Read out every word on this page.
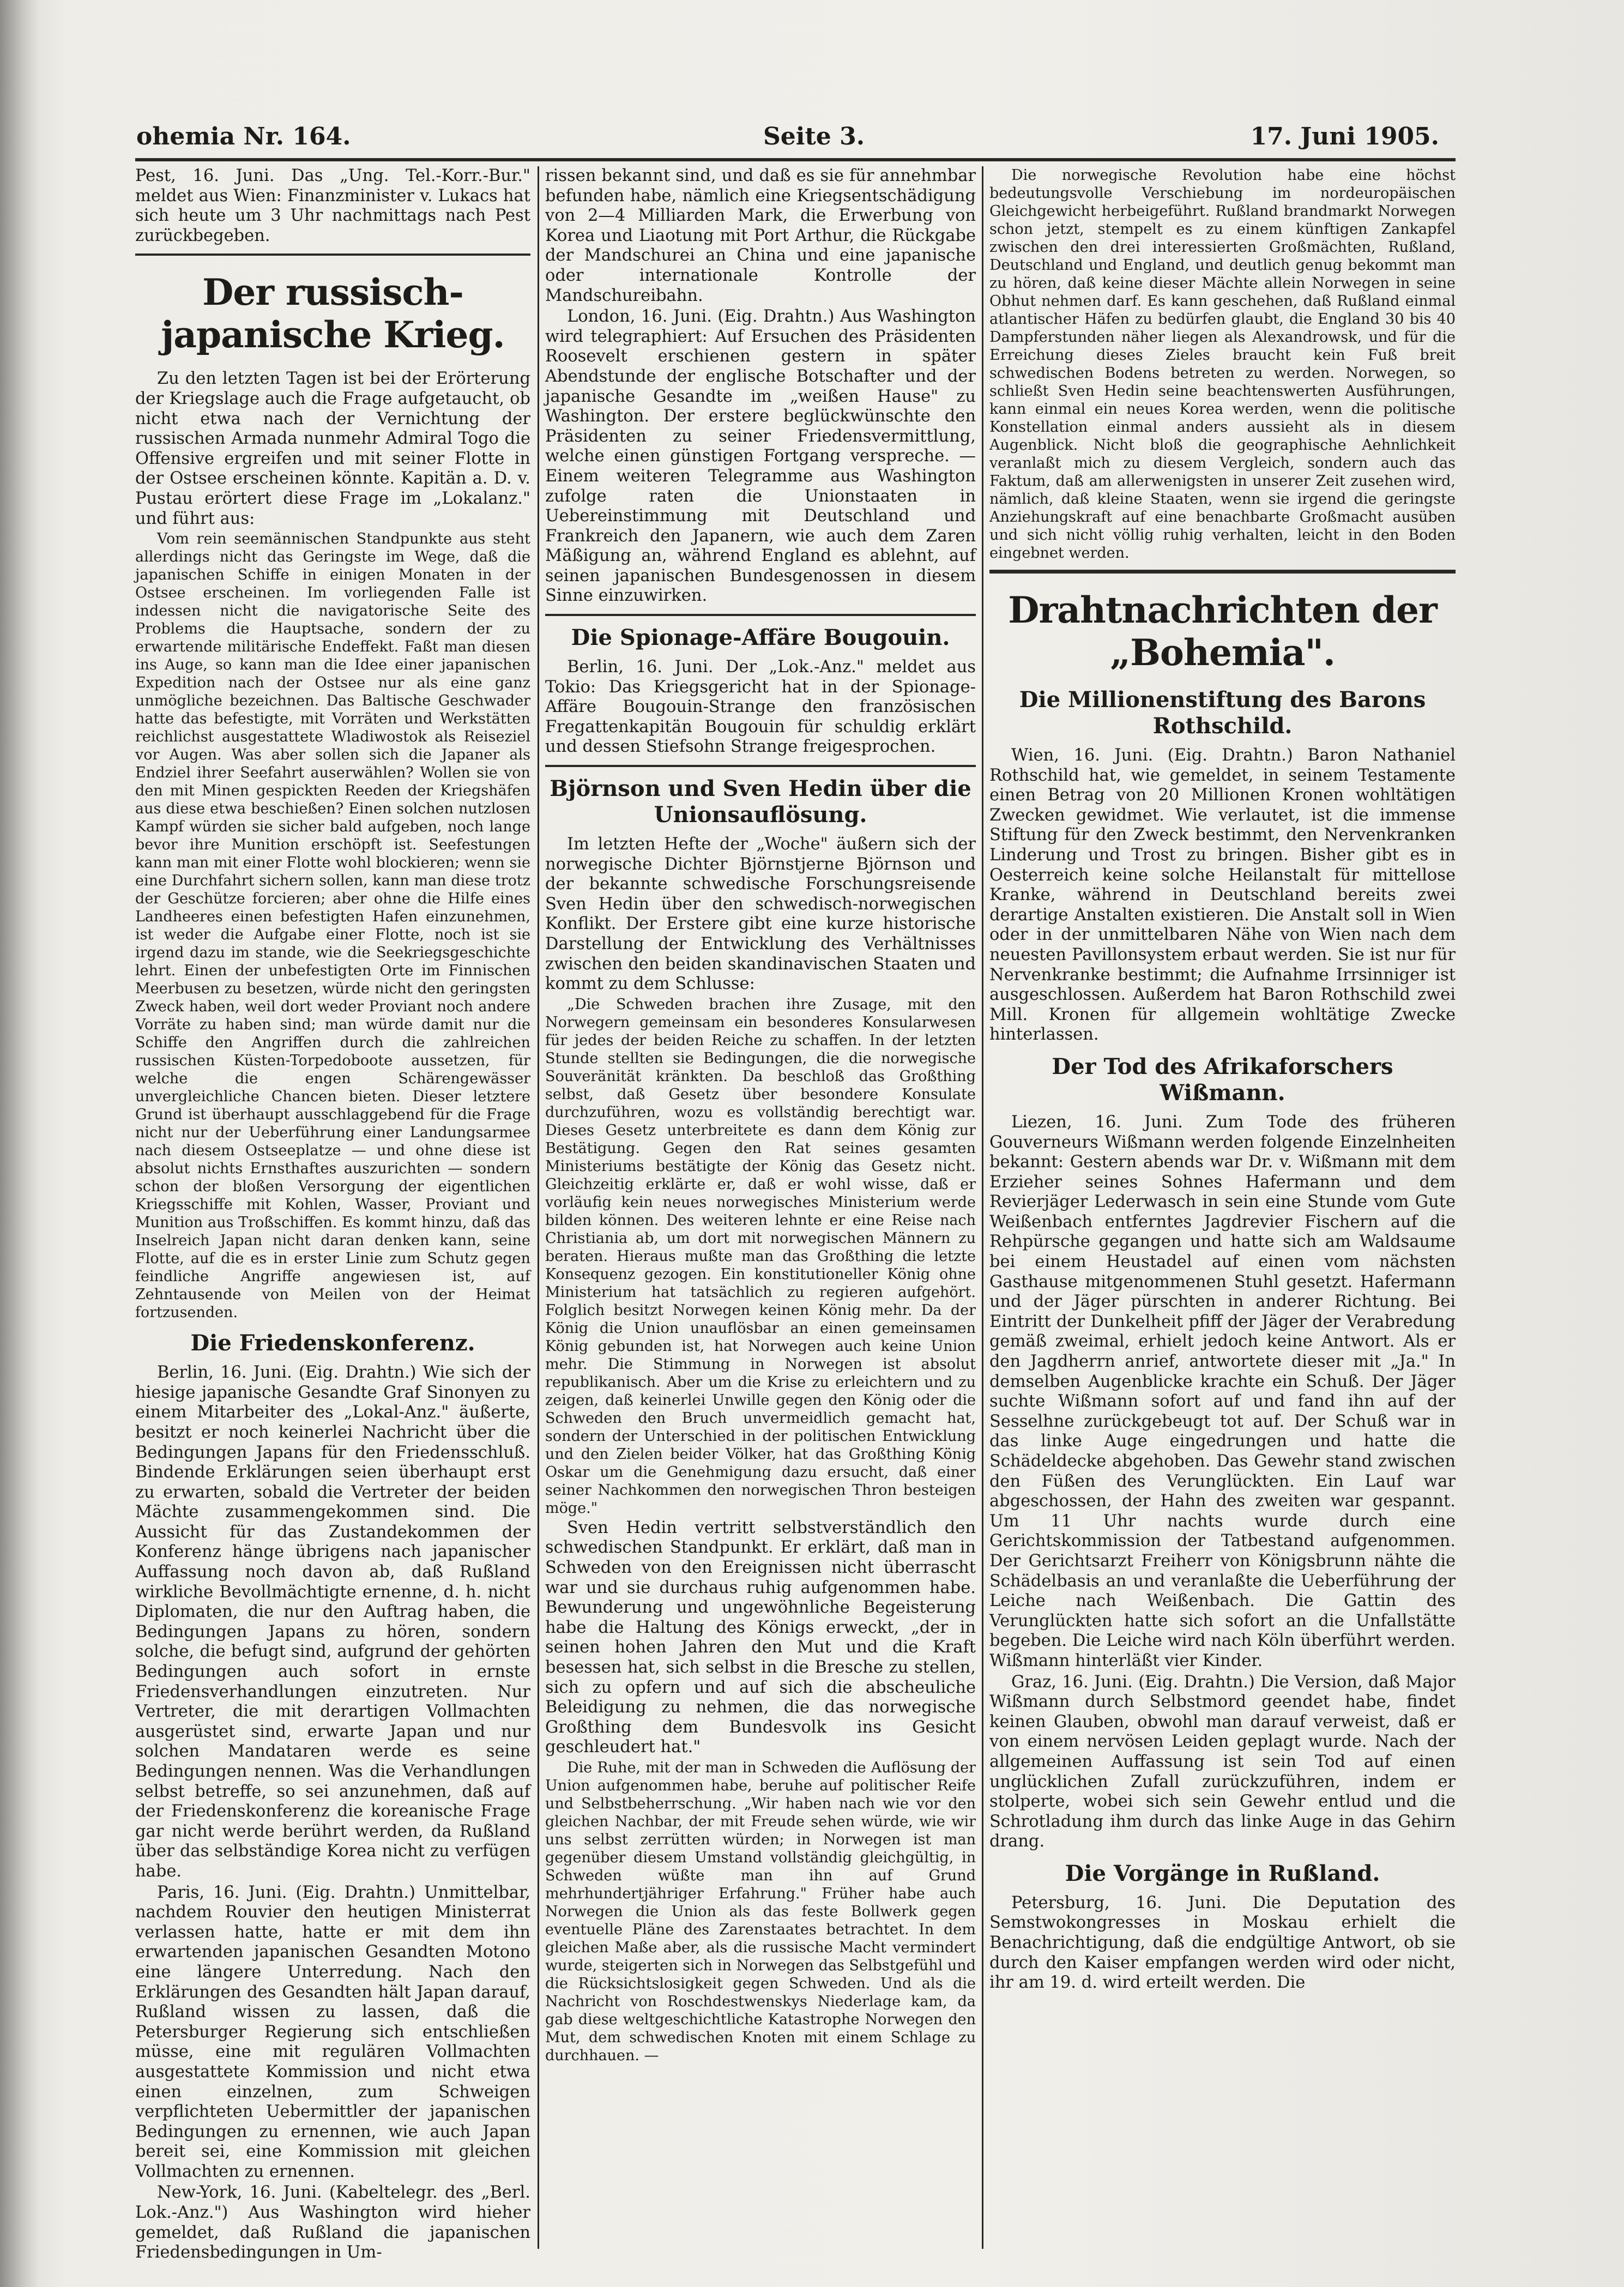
ohemia Nr. 164.	Seite 3.	17. Juni 1905.

Pest, 16. Juni. Das „Ung. Tel.-Korr.-Bur." meldet aus Wien: Finanzminister v. Lukacs hat sich heute um 3 Uhr nachmittags nach Pest zurückbegeben.

Der russisch-japanische Krieg.

Zu den letzten Tagen ist bei der Erörterung der Kriegslage auch die Frage aufgetaucht, ob nicht etwa nach der Vernichtung der russischen Armada nunmehr Admiral Togo die Offensive ergreifen und mit seiner Flotte in der Ostsee erscheinen könnte. Kapitän a. D. v. Pustau erörtert diese Frage im „Lokalanz." und führt aus:

Vom rein seemännischen Standpunkte aus steht allerdings nicht das Geringste im Wege, daß die japanischen Schiffe in einigen Monaten in der Ostsee erscheinen. Im vorliegenden Falle ist indessen nicht die navigatorische Seite des Problems die Hauptsache, sondern der zu erwartende militärische Endeffekt. Faßt man diesen ins Auge, so kann man die Idee einer japanischen Expedition nach der Ostsee nur als eine ganz unmögliche bezeichnen. Das Baltische Geschwader hatte das befestigte, mit Vorräten und Werkstätten reichlichst ausgestattete Wladiwostok als Reiseziel vor Augen. Was aber sollen sich die Japaner als Endziel ihrer Seefahrt auserwählen? Wollen sie von den mit Minen gespickten Reeden der Kriegshäfen aus diese etwa beschießen? Einen solchen nutzlosen Kampf würden sie sicher bald aufgeben, noch lange bevor ihre Munition erschöpft ist. Seefestungen kann man mit einer Flotte wohl blockieren; wenn sie eine Durchfahrt sichern sollen, kann man diese trotz der Geschütze forcieren; aber ohne die Hilfe eines Landheeres einen befestigten Hafen einzunehmen, ist weder die Aufgabe einer Flotte, noch ist sie irgend dazu im stande, wie die Seekriegsgeschichte lehrt. Einen der unbefestigten Orte im Finnischen Meerbusen zu besetzen, würde nicht den geringsten Zweck haben, weil dort weder Proviant noch andere Vorräte zu haben sind; man würde damit nur die Schiffe den Angriffen durch die zahlreichen russischen Küsten-Torpedoboote aussetzen, für welche die engen Schärengewässer unvergleichliche Chancen bieten. Dieser letztere Grund ist überhaupt ausschlaggebend für die Frage nicht nur der Ueberführung einer Landungsarmee nach diesem Ostseeplatze — und ohne diese ist absolut nichts Ernsthaftes auszurichten — sondern schon der bloßen Versorgung der eigentlichen Kriegsschiffe mit Kohlen, Wasser, Proviant und Munition aus Troßschiffen. Es kommt hinzu, daß das Inselreich Japan nicht daran denken kann, seine Flotte, auf die es in erster Linie zum Schutz gegen feindliche Angriffe angewiesen ist, auf Zehntausende von Meilen von der Heimat fortzusenden.

Die Friedenskonferenz.

Berlin, 16. Juni. (Eig. Drahtn.) Wie sich der hiesige japanische Gesandte Graf Sinonyen zu einem Mitarbeiter des „Lokal-Anz." äußerte, besitzt er noch keinerlei Nachricht über die Bedingungen Japans für den Friedensschluß. Bindende Erklärungen seien überhaupt erst zu erwarten, sobald die Vertreter der beiden Mächte zusammengekommen sind. Die Aussicht für das Zustandekommen der Konferenz hänge übrigens nach japanischer Auffassung noch davon ab, daß Rußland wirkliche Bevollmächtigte ernenne, d. h. nicht Diplomaten, die nur den Auftrag haben, die Bedingungen Japans zu hören, sondern solche, die befugt sind, aufgrund der gehörten Bedingungen auch sofort in ernste Friedensverhandlungen einzutreten. Nur Vertreter, die mit derartigen Vollmachten ausgerüstet sind, erwarte Japan und nur solchen Mandataren werde es seine Bedingungen nennen. Was die Verhandlungen selbst betreffe, so sei anzunehmen, daß auf der Friedenskonferenz die koreanische Frage gar nicht werde berührt werden, da Rußland über das selbständige Korea nicht zu verfügen habe.

Paris, 16. Juni. (Eig. Drahtn.) Unmittelbar, nachdem Rouvier den heutigen Ministerrat verlassen hatte, hatte er mit dem ihn erwartenden japanischen Gesandten Motono eine längere Unterredung. Nach den Erklärungen des Gesandten hält Japan darauf, Rußland wissen zu lassen, daß die Petersburger Regierung sich entschließen müsse, eine mit regulären Vollmachten ausgestattete Kommission und nicht etwa einen einzelnen, zum Schweigen verpflichteten Uebermittler der japanischen Bedingungen zu ernennen, wie auch Japan bereit sei, eine Kommission mit gleichen Vollmachten zu ernennen.

New-York, 16. Juni. (Kabeltelegr. des „Berl. Lok.-Anz.") Aus Washington wird hieher gemeldet, daß Rußland die japanischen Friedensbedingungen in Um-

rissen bekannt sind, und daß es sie für annehmbar befunden habe, nämlich eine Kriegsentschädigung von 2—4 Milliarden Mark, die Erwerbung von Korea und Liaotung mit Port Arthur, die Rückgabe der Mandschurei an China und eine japanische oder internationale Kontrolle der Mandschureibahn.

London, 16. Juni. (Eig. Drahtn.) Aus Washington wird telegraphiert: Auf Ersuchen des Präsidenten Roosevelt erschienen gestern in später Abendstunde der englische Botschafter und der japanische Gesandte im „weißen Hause" zu Washington. Der erstere beglückwünschte den Präsidenten zu seiner Friedensvermittlung, welche einen günstigen Fortgang verspreche. — Einem weiteren Telegramme aus Washington zufolge raten die Unionstaaten in Uebereinstimmung mit Deutschland und Frankreich den Japanern, wie auch dem Zaren Mäßigung an, während England es ablehnt, auf seinen japanischen Bundesgenossen in diesem Sinne einzuwirken.

Die Spionage-Affäre Bougouin.

Berlin, 16. Juni. Der „Lok.-Anz." meldet aus Tokio: Das Kriegsgericht hat in der Spionage-Affäre Bougouin-Strange den französischen Fregattenkapitän Bougouin für schuldig erklärt und dessen Stiefsohn Strange freigesprochen.

Björnson und Sven Hedin über die Unionsauflösung.

Im letzten Hefte der „Woche" äußern sich der norwegische Dichter Björnstjerne Björnson und der bekannte schwedische Forschungsreisende Sven Hedin über den schwedisch-norwegischen Konflikt. Der Erstere gibt eine kurze historische Darstellung der Entwicklung des Verhältnisses zwischen den beiden skandinavischen Staaten und kommt zu dem Schlusse:

„Die Schweden brachen ihre Zusage, mit den Norwegern gemeinsam ein besonderes Konsularwesen für jedes der beiden Reiche zu schaffen. In der letzten Stunde stellten sie Bedingungen, die die norwegische Souveränität kränkten. Da beschloß das Großthing selbst, daß Gesetz über besondere Konsulate durchzuführen, wozu es vollständig berechtigt war. Dieses Gesetz unterbreitete es dann dem König zur Bestätigung. Gegen den Rat seines gesamten Ministeriums bestätigte der König das Gesetz nicht. Gleichzeitig erklärte er, daß er wohl wisse, daß er vorläufig kein neues norwegisches Ministerium werde bilden können. Des weiteren lehnte er eine Reise nach Christiania ab, um dort mit norwegischen Männern zu beraten. Hieraus mußte man das Großthing die letzte Konsequenz gezogen. Ein konstitutioneller König ohne Ministerium hat tatsächlich zu regieren aufgehört. Folglich besitzt Norwegen keinen König mehr. Da der König die Union unauflösbar an einen gemeinsamen König gebunden ist, hat Norwegen auch keine Union mehr. Die Stimmung in Norwegen ist absolut republikanisch. Aber um die Krise zu erleichtern und zu zeigen, daß keinerlei Unwille gegen den König oder die Schweden den Bruch unvermeidlich gemacht hat, sondern der Unterschied in der politischen Entwicklung und den Zielen beider Völker, hat das Großthing König Oskar um die Genehmigung dazu ersucht, daß einer seiner Nachkommen den norwegischen Thron besteigen möge."

Sven Hedin vertritt selbstverständlich den schwedischen Standpunkt. Er erklärt, daß man in Schweden von den Ereignissen nicht überrascht war und sie durchaus ruhig aufgenommen habe. Bewunderung und ungewöhnliche Begeisterung habe die Haltung des Königs erweckt, „der in seinen hohen Jahren den Mut und die Kraft besessen hat, sich selbst in die Bresche zu stellen, sich zu opfern und auf sich die abscheuliche Beleidigung zu nehmen, die das norwegische Großthing dem Bundesvolk ins Gesicht geschleudert hat."

Die Ruhe, mit der man in Schweden die Auflösung der Union aufgenommen habe, beruhe auf politischer Reife und Selbstbeherrschung. „Wir haben nach wie vor den gleichen Nachbar, der mit Freude sehen würde, wie wir uns selbst zerrütten würden; in Norwegen ist man gegenüber diesem Umstand vollständig gleichgültig, in Schweden wüßte man ihn auf Grund mehrhundertjähriger Erfahrung." Früher habe auch Norwegen die Union als das feste Bollwerk gegen eventuelle Pläne des Zarenstaates betrachtet. In dem gleichen Maße aber, als die russische Macht vermindert wurde, steigerten sich in Norwegen das Selbstgefühl und die Rücksichtslosigkeit gegen Schweden. Und als die Nachricht von Roschdestwenskys Niederlage kam, da gab diese weltgeschichtliche Katastrophe Norwegen den Mut, dem schwedischen Knoten mit einem Schlage zu durchhauen. —

Die norwegische Revolution habe eine höchst bedeutungsvolle Verschiebung im nordeuropäischen Gleichgewicht herbeigeführt. Rußland brandmarkt Norwegen schon jetzt, stempelt es zu einem künftigen Zankapfel zwischen den drei interessierten Großmächten, Rußland, Deutschland und England, und deutlich genug bekommt man zu hören, daß keine dieser Mächte allein Norwegen in seine Obhut nehmen darf. Es kann geschehen, daß Rußland einmal atlantischer Häfen zu bedürfen glaubt, die England 30 bis 40 Dampferstunden näher liegen als Alexandrowsk, und für die Erreichung dieses Zieles braucht kein Fuß breit schwedischen Bodens betreten zu werden. Norwegen, so schließt Sven Hedin seine beachtenswerten Ausführungen, kann einmal ein neues Korea werden, wenn die politische Konstellation einmal anders aussieht als in diesem Augenblick. Nicht bloß die geographische Aehnlichkeit veranlaßt mich zu diesem Vergleich, sondern auch das Faktum, daß am allerwenigsten in unserer Zeit zusehen wird, nämlich, daß kleine Staaten, wenn sie irgend die geringste Anziehungskraft auf eine benachbarte Großmacht ausüben und sich nicht völlig ruhig verhalten, leicht in den Boden eingebnet werden.

Drahtnachrichten der „Bohemia".
Die Millionenstiftung des Barons Rothschild.

Wien, 16. Juni. (Eig. Drahtn.) Baron Nathaniel Rothschild hat, wie gemeldet, in seinem Testamente einen Betrag von 20 Millionen Kronen wohltätigen Zwecken gewidmet. Wie verlautet, ist die immense Stiftung für den Zweck bestimmt, den Nervenkranken Linderung und Trost zu bringen. Bisher gibt es in Oesterreich keine solche Heilanstalt für mittellose Kranke, während in Deutschland bereits zwei derartige Anstalten existieren. Die Anstalt soll in Wien oder in der unmittelbaren Nähe von Wien nach dem neuesten Pavillonsystem erbaut werden. Sie ist nur für Nervenkranke bestimmt; die Aufnahme Irrsinniger ist ausgeschlossen. Außerdem hat Baron Rothschild zwei Mill. Kronen für allgemein wohltätige Zwecke hinterlassen.

Der Tod des Afrikaforschers Wißmann.

Liezen, 16. Juni. Zum Tode des früheren Gouverneurs Wißmann werden folgende Einzelnheiten bekannt: Gestern abends war Dr. v. Wißmann mit dem Erzieher seines Sohnes Hafermann und dem Revierjäger Lederwasch in sein eine Stunde vom Gute Weißenbach entferntes Jagdrevier Fischern auf die Rehpürsche gegangen und hatte sich am Waldsaume bei einem Heustadel auf einen vom nächsten Gasthause mitgenommenen Stuhl gesetzt. Hafermann und der Jäger pürschten in anderer Richtung. Bei Eintritt der Dunkelheit pfiff der Jäger der Verabredung gemäß zweimal, erhielt jedoch keine Antwort. Als er den Jagdherrn anrief, antwortete dieser mit „Ja." In demselben Augenblicke krachte ein Schuß. Der Jäger suchte Wißmann sofort auf und fand ihn auf der Sesselhne zurückgebeugt tot auf. Der Schuß war in das linke Auge eingedrungen und hatte die Schädeldecke abgehoben. Das Gewehr stand zwischen den Füßen des Verunglückten. Ein Lauf war abgeschossen, der Hahn des zweiten war gespannt. Um 11 Uhr nachts wurde durch eine Gerichtskommission der Tatbestand aufgenommen. Der Gerichtsarzt Freiherr von Königsbrunn nähte die Schädelbasis an und veranlaßte die Ueberführung der Leiche nach Weißenbach. Die Gattin des Verunglückten hatte sich sofort an die Unfallstätte begeben. Die Leiche wird nach Köln überführt werden. Wißmann hinterläßt vier Kinder.

Graz, 16. Juni. (Eig. Drahtn.) Die Version, daß Major Wißmann durch Selbstmord geendet habe, findet keinen Glauben, obwohl man darauf verweist, daß er von einem nervösen Leiden geplagt wurde. Nach der allgemeinen Auffassung ist sein Tod auf einen unglücklichen Zufall zurückzuführen, indem er stolperte, wobei sich sein Gewehr entlud und die Schrotladung ihm durch das linke Auge in das Gehirn drang.

Die Vorgänge in Rußland.

Petersburg, 16. Juni. Die Deputation des Semstwokongresses in Moskau erhielt die Benachrichtigung, daß die endgültige Antwort, ob sie durch den Kaiser empfangen werden wird oder nicht, ihr am 19. d. wird erteilt werden. Die
